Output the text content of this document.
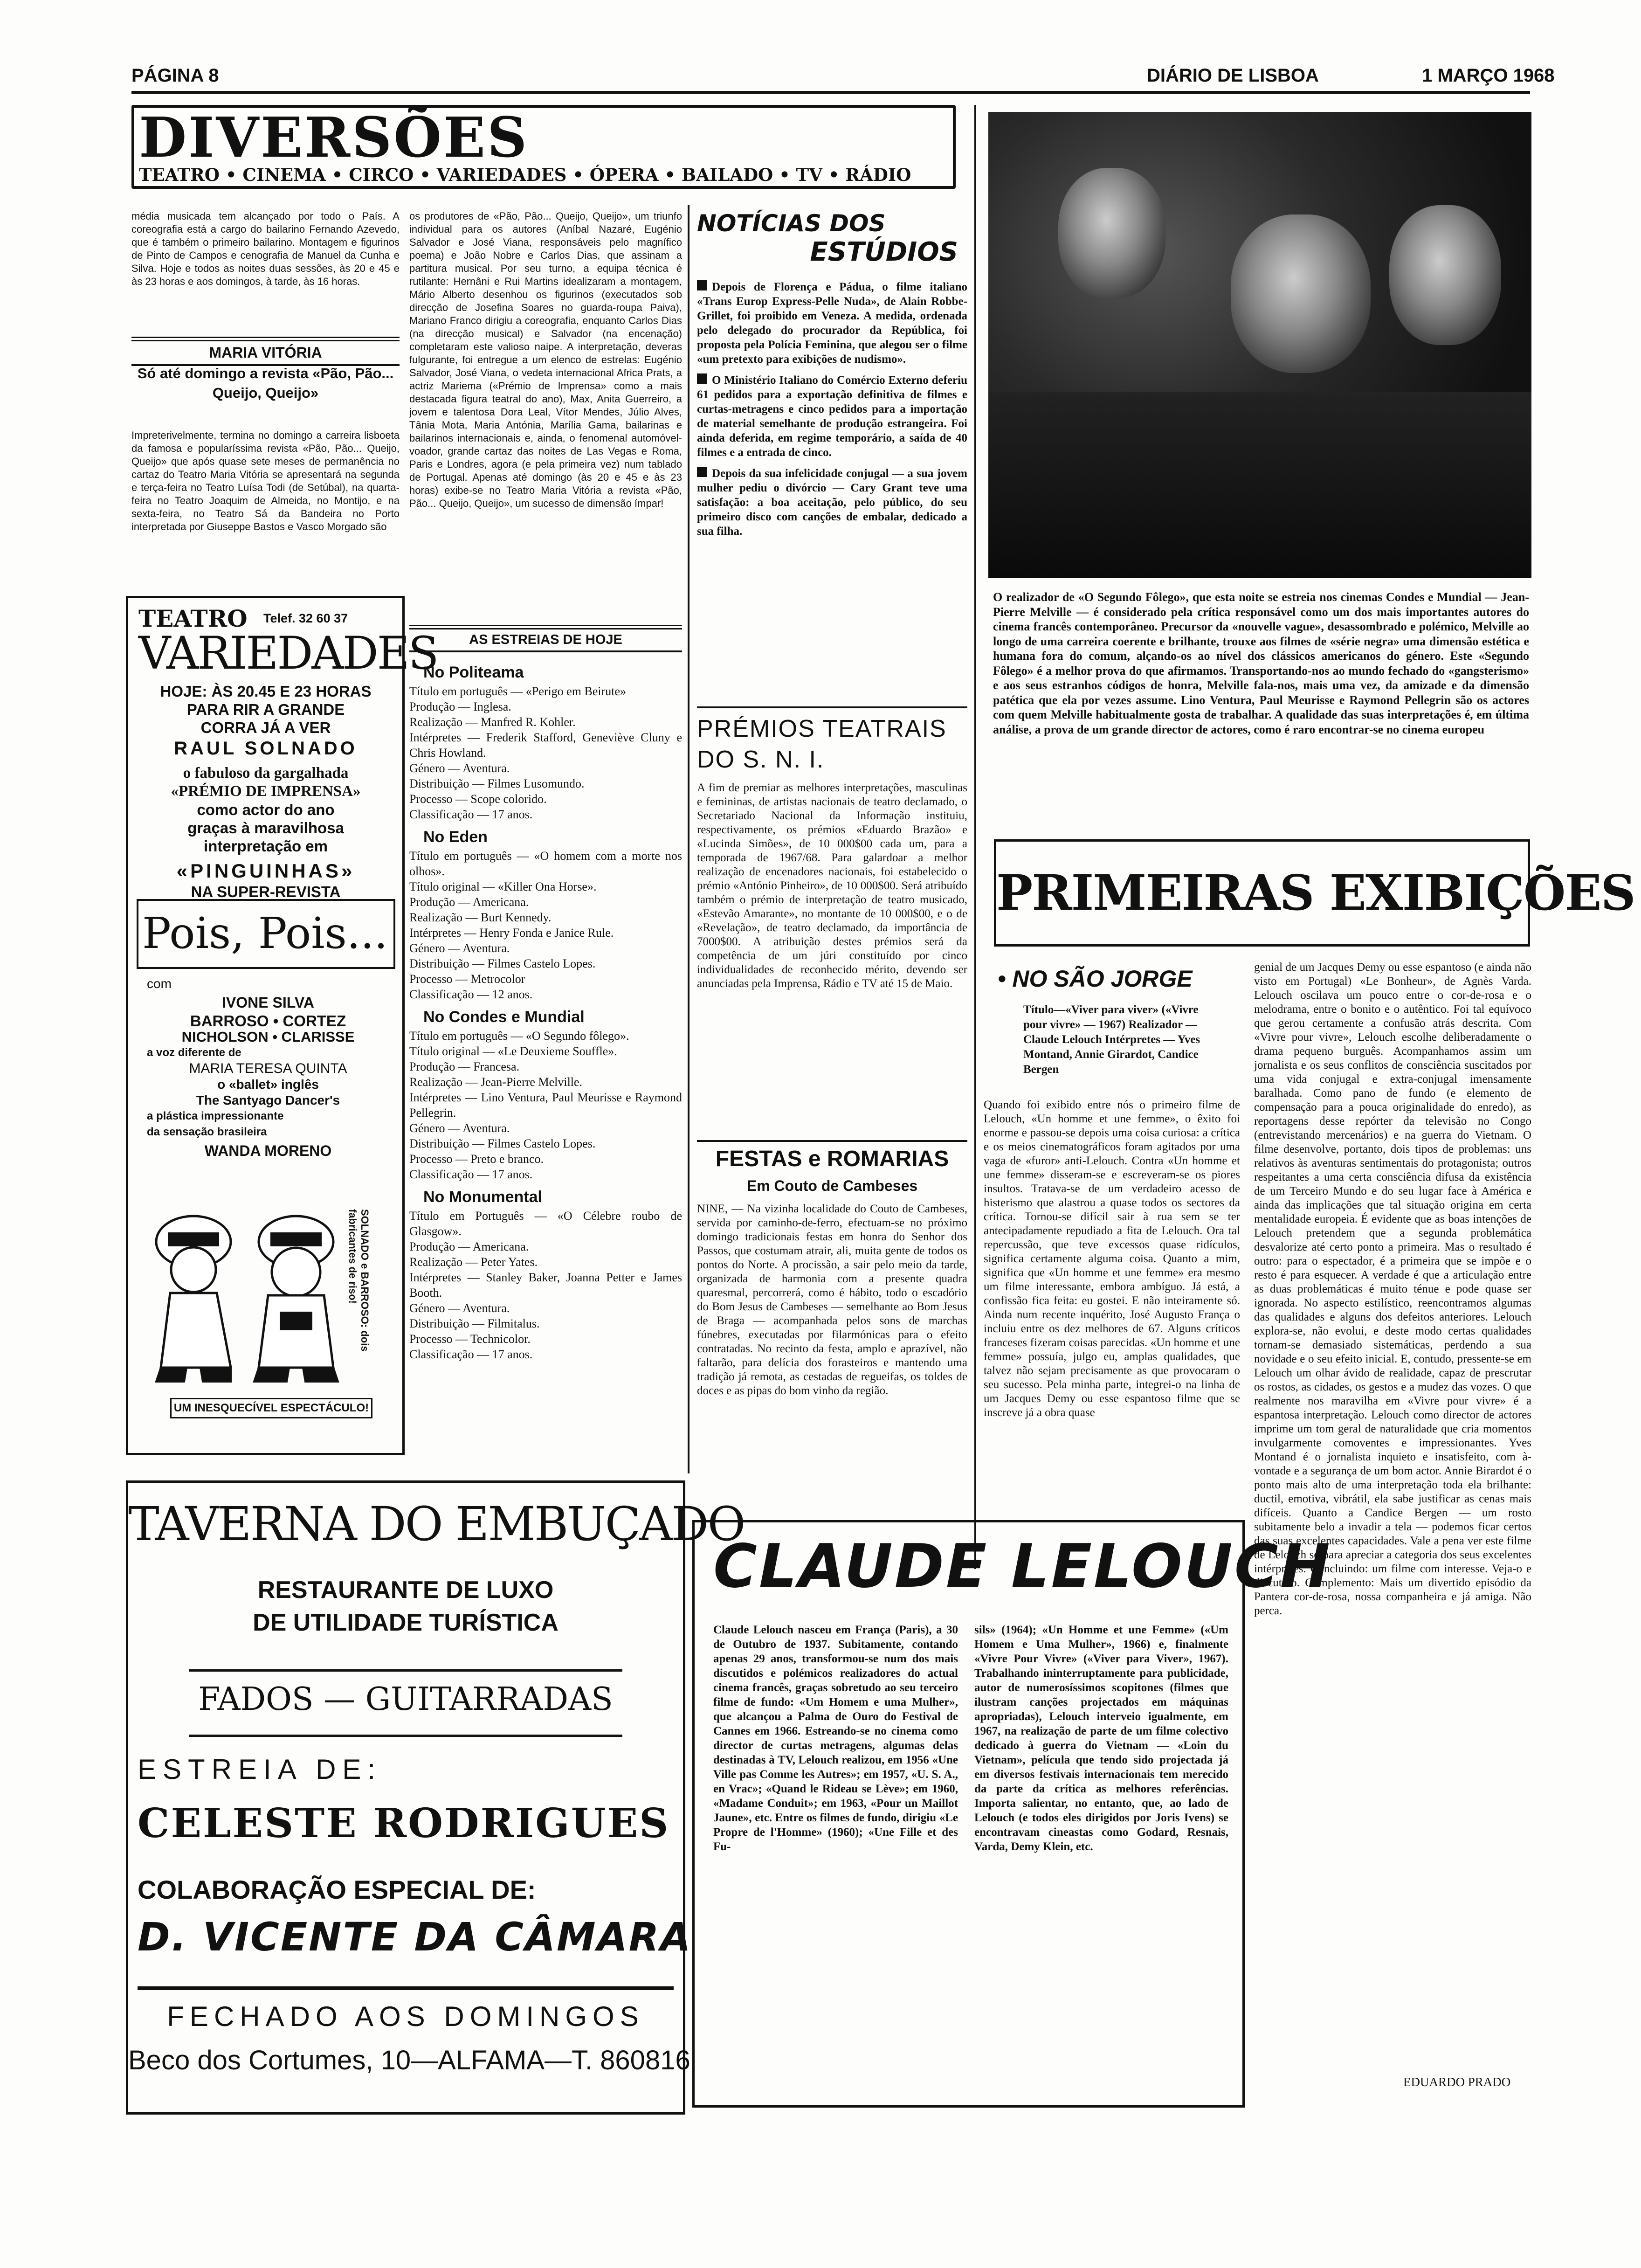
PÁGINA 8	DIÁRIO DE LISBOA	1 MARÇO 1968
DIVERSÕES
TEATRO • CINEMA • CIRCO • VARIEDADES • ÓPERA • BAILADO • TV • RÁDIO
média musicada tem alcançado por todo o País. A coreografia está a cargo do bailarino Fernando Azevedo, que é também o primeiro bailarino. Montagem e figurinos de Pinto de Campos e cenografia de Manuel da Cunha e Silva. Hoje e todos as noites duas sessões, às 20 e 45 e às 23 horas e aos domingos, à tarde, às 16 horas.
MARIA VITÓRIA
Só até domingo a revista «Pão, Pão... Queijo, Queijo»
Impreterivelmente, termina no domingo a carreira lisboeta da famosa e popularíssima revista «Pão, Pão... Queijo, Queijo» que após quase sete meses de permanência no cartaz do Teatro Maria Vitória se apresentará na segunda e terça-feira no Teatro Luísa Todi (de Setúbal), na quarta-feira no Teatro Joaquim de Almeida, no Montijo, e na sexta-feira, no Teatro Sá da Bandeira no Porto interpretada por Giuseppe Bastos e Vasco Morgado são
TEATRO Telef. 32 60 37
VARIEDADES
HOJE: ÀS 20.45 E 23 HORAS
PARA RIR A GRANDE
CORRA JÁ A VER
RAUL SOLNADO
o fabuloso da gargalhada
«PRÉMIO DE IMPRENSA»
como actor do ano
graças à maravilhosa
interpretação em
«PINGUINHAS»
NA SUPER-REVISTA
Pois, Pois...
com
IVONE SILVA
BARROSO • CORTEZ
NICHOLSON • CLARISSE
a voz diferente de
MARIA TERESA QUINTA
o «ballet» inglês
The Santyago Dancer's
a plástica impressionante
da sensação brasileira
WANDA MORENO
SOLNADO e BARROSO: dois fabricantes de riso!
UM INESQUECÍVEL ESPECTÁCULO!
os produtores de «Pão, Pão... Queijo, Queijo», um triunfo individual para os autores (Aníbal Nazaré, Eugénio Salvador e José Viana, responsáveis pelo magnífico poema) e João Nobre e Carlos Dias, que assinam a partitura musical. Por seu turno, a equipa técnica é rutilante: Hernâni e Rui Martins idealizaram a montagem, Mário Alberto desenhou os figurinos (executados sob direcção de Josefina Soares no guarda-roupa Paiva), Mariano Franco dirigiu a coreografia, enquanto Carlos Dias (na direcção musical) e Salvador (na encenação) completaram este valioso naipe. A interpretação, deveras fulgurante, foi entregue a um elenco de estrelas: Eugénio Salvador, José Viana, o vedeta internacional Africa Prats, a actriz Mariema («Prémio de Imprensa» como a mais destacada figura teatral do ano), Max, Anita Guerreiro, a jovem e talentosa Dora Leal, Vítor Mendes, Júlio Alves, Tânia Mota, Maria Antónia, Marília Gama, bailarinas e bailarinos internacionais e, ainda, o fenomenal automóvel-voador, grande cartaz das noites de Las Vegas e Roma, Paris e Londres, agora (e pela primeira vez) num tablado de Portugal. Apenas até domingo (às 20 e 45 e às 23 horas) exibe-se no Teatro Maria Vitória a revista «Pão, Pão... Queijo, Queijo», um sucesso de dimensão ímpar!
AS ESTREIAS DE HOJE
No Politeama
Título em português — «Perigo em Beirute»
Produção — Inglesa.
Realização — Manfred R. Kohler.
Intérpretes — Frederik Stafford, Geneviève Cluny e Chris Howland.
Género — Aventura.
Distribuição — Filmes Lusomundo.
Processo — Scope colorido.
Classificação — 17 anos.
No Eden
Título em português — «O homem com a morte nos olhos».
Título original — «Killer Ona Horse».
Produção — Americana.
Realização — Burt Kennedy.
Intérpretes — Henry Fonda e Janice Rule.
Género — Aventura.
Distribuição — Filmes Castelo Lopes.
Processo — Metrocolor
Classificação — 12 anos.
No Condes e Mundial
Título em português — «O Segundo fôlego».
Título original — «Le Deuxieme Souffle».
Produção — Francesa.
Realização — Jean-Pierre Melville.
Intérpretes — Lino Ventura, Paul Meurisse e Raymond Pellegrin.
Género — Aventura.
Distribuição — Filmes Castelo Lopes.
Processo — Preto e branco.
Classificação — 17 anos.
No Monumental
Título em Português — «O Célebre roubo de Glasgow».
Produção — Americana.
Realização — Peter Yates.
Intérpretes — Stanley Baker, Joanna Petter e James Booth.
Género — Aventura.
Distribuição — Filmitalus.
Processo — Technicolor.
Classificação — 17 anos.
NOTÍCIAS DOS
ESTÚDIOS
Depois de Florença e Pádua, o filme italiano «Trans Europ Express-Pelle Nuda», de Alain Robbe-Grillet, foi proibido em Veneza. A medida, ordenada pelo delegado do procurador da República, foi proposta pela Polícia Feminina, que alegou ser o filme «um pretexto para exibições de nudismo».
O Ministério Italiano do Comércio Externo deferiu 61 pedidos para a exportação definitiva de filmes e curtas-metragens e cinco pedidos para a importação de material semelhante de produção estrangeira. Foi ainda deferida, em regime temporário, a saída de 40 filmes e a entrada de cinco.
Depois da sua infelicidade conjugal — a sua jovem mulher pediu o divórcio — Cary Grant teve uma satisfação: a boa aceitação, pelo público, do seu primeiro disco com canções de embalar, dedicado a sua filha.
PRÉMIOS TEATRAIS DO S. N. I.
A fim de premiar as melhores interpretações, masculinas e femininas, de artistas nacionais de teatro declamado, o Secretariado Nacional da Informação instituiu, respectivamente, os prémios «Eduardo Brazão» e «Lucinda Simões», de 10 000$00 cada um, para a temporada de 1967/68. Para galardoar a melhor realização de encenadores nacionais, foi estabelecido o prémio «António Pinheiro», de 10 000$00. Será atribuído também o prémio de interpretação de teatro musicado, «Estevão Amarante», no montante de 10 000$00, e o de «Revelação», de teatro declamado, da importância de 7000$00. A atribuição destes prémios será da competência de um júri constituído por cinco individualidades de reconhecido mérito, devendo ser anunciadas pela Imprensa, Rádio e TV até 15 de Maio.
FESTAS e ROMARIAS
Em Couto de Cambeses
NINE, — Na vizinha localidade do Couto de Cambeses, servida por caminho-de-ferro, efectuam-se no próximo domingo tradicionais festas em honra do Senhor dos Passos, que costumam atrair, ali, muita gente de todos os pontos do Norte. A procissão, a sair pelo meio da tarde, organizada de harmonia com a presente quadra quaresmal, percorrerá, como é hábito, todo o escadório do Bom Jesus de Cambeses — semelhante ao Bom Jesus de Braga — acompanhada pelos sons de marchas fúnebres, executadas por filarmónicas para o efeito contratadas. No recinto da festa, amplo e aprazível, não faltarão, para delícia dos forasteiros e mantendo uma tradição já remota, as cestadas de regueifas, os toldes de doces e as pipas do bom vinho da região.
O realizador de «O Segundo Fôlego», que esta noite se estreia nos cinemas Condes e Mundial — Jean-Pierre Melville — é considerado pela crítica responsável como um dos mais importantes autores do cinema francês contemporâneo. Precursor da «nouvelle vague», desassombrado e polémico, Melville ao longo de uma carreira coerente e brilhante, trouxe aos filmes de «série negra» uma dimensão estética e humana fora do comum, alçando-os ao nível dos clássicos americanos do género. Este «Segundo Fôlego» é a melhor prova do que afirmamos. Transportando-nos ao mundo fechado do «gangsterismo» e aos seus estranhos códigos de honra, Melville fala-nos, mais uma vez, da amizade e da dimensão patética que ela por vezes assume. Lino Ventura, Paul Meurisse e Raymond Pellegrin são os actores com quem Melville habitualmente gosta de trabalhar. A qualidade das suas interpretações é, em última análise, a prova de um grande director de actores, como é raro encontrar-se no cinema europeu
PRIMEIRAS EXIBIÇÕES
• NO SÃO JORGE
Título—«Viver para viver» («Vivre pour vivre» — 1967) Realizador — Claude Lelouch Intérpretes — Yves Montand, Annie Girardot, Candice Bergen
Quando foi exibido entre nós o primeiro filme de Lelouch, «Un homme et une femme», o êxito foi enorme e passou-se depois uma coisa curiosa: a crítica e os meios cinematográficos foram agitados por uma vaga de «furor» anti-Lelouch. Contra «Un homme et une femme» disseram-se e escreveram-se os piores insultos. Tratava-se de um verdadeiro acesso de histerismo que alastrou a quase todos os sectores da crítica. Tornou-se difícil sair à rua sem se ter antecipadamente repudiado a fita de Lelouch. Ora tal repercussão, que teve excessos quase ridículos, significa certamente alguma coisa. Quanto a mim, significa que «Un homme et une femme» era mesmo um filme interessante, embora ambíguo. Já está, a confissão fica feita: eu gostei. E não inteiramente só. Ainda num recente inquérito, José Augusto França o incluiu entre os dez melhores de 67. Alguns críticos franceses fizeram coisas parecidas. «Un homme et une femme» possuía, julgo eu, amplas qualidades, que talvez não sejam precisamente as que provocaram o seu sucesso. Pela minha parte, integrei-o na linha de um Jacques Demy ou esse espantoso filme que se inscreve já a obra quase
genial de um Jacques Demy ou esse espantoso (e ainda não visto em Portugal) «Le Bonheur», de Agnès Varda. Lelouch oscilava um pouco entre o cor-de-rosa e o melodrama, entre o bonito e o autêntico. Foi tal equívoco que gerou certamente a confusão atrás descrita. Com «Vivre pour vivre», Lelouch escolhe deliberadamente o drama pequeno burguês. Acompanhamos assim um jornalista e os seus conflitos de consciência suscitados por uma vida conjugal e extra-conjugal imensamente baralhada. Como pano de fundo (e elemento de compensação para a pouca originalidade do enredo), as reportagens desse repórter da televisão no Congo (entrevistando mercenários) e na guerra do Vietnam. O filme desenvolve, portanto, dois tipos de problemas: uns relativos às aventuras sentimentais do protagonista; outros respeitantes a uma certa consciência difusa da existência de um Terceiro Mundo e do seu lugar face à América e ainda das implicações que tal situação origina em certa mentalidade europeia. É evidente que as boas intenções de Lelouch pretendem que a segunda problemática desvalorize até certo ponto a primeira. Mas o resultado é outro: para o espectador, é a primeira que se impõe e o resto é para esquecer. A verdade é que a articulação entre as duas problemáticas é muito ténue e pode quase ser ignorada. No aspecto estilístico, reencontramos algumas das qualidades e alguns dos defeitos anteriores. Lelouch explora-se, não evolui, e deste modo certas qualidades tornam-se demasiado sistemáticas, perdendo a sua novidade e o seu efeito inicial. E, contudo, pressente-se em Lelouch um olhar ávido de realidade, capaz de prescrutar os rostos, as cidades, os gestos e a mudez das vozes. O que realmente nos maravilha em «Vivre pour vivre» é a espantosa interpretação. Lelouch como director de actores imprime um tom geral de naturalidade que cria momentos invulgarmente comoventes e impressionantes. Yves Montand é o jornalista inquieto e insatisfeito, com à-vontade e a segurança de um bom actor. Annie Birardot é o ponto mais alto de uma interpretação toda ela brilhante: ductil, emotiva, vibrátil, ela sabe justificar as cenas mais difíceis. Quanto a Candice Bergen — um rosto subitamente belo a invadir a tela — podemos ficar certos das suas excelentes capacidades. Vale a pena ver este filme de Lelouch só para apreciar a categoria dos seus excelentes intérpretes. Concluindo: um filme com interesse. Veja-o e discuta-o. Complemento: Mais um divertido episódio da Pantera cor-de-rosa, nossa companheira e já amiga. Não perca.
EDUARDO PRADO
CLAUDE LELOUCH
Claude Lelouch nasceu em França (Paris), a 30 de Outubro de 1937. Subitamente, contando apenas 29 anos, transformou-se num dos mais discutidos e polémicos realizadores do actual cinema francês, graças sobretudo ao seu terceiro filme de fundo: «Um Homem e uma Mulher», que alcançou a Palma de Ouro do Festival de Cannes em 1966. Estreando-se no cinema como director de curtas metragens, algumas delas destinadas à TV, Lelouch realizou, em 1956 «Une Ville pas Comme les Autres»; em 1957, «U. S. A., en Vrac»; «Quand le Rideau se Lève»; em 1960, «Madame Conduit»; em 1963, «Pour un Maillot Jaune», etc. Entre os filmes de fundo, dirigiu «Le Propre de l'Homme» (1960); «Une Fille et des Fu-
sils» (1964); «Un Homme et une Femme» («Um Homem e Uma Mulher», 1966) e, finalmente «Vivre Pour Vivre» («Viver para Viver», 1967). Trabalhando ininterruptamente para publicidade, autor de numerosíssimos scopitones (filmes que ilustram canções projectados em máquinas apropriadas), Lelouch interveio igualmente, em 1967, na realização de parte de um filme colectivo dedicado à guerra do Vietnam — «Loin du Vietnam», película que tendo sido projectada já em diversos festivais internacionais tem merecido da parte da crítica as melhores referências. Importa salientar, no entanto, que, ao lado de Lelouch (e todos eles dirigidos por Joris Ivens) se encontravam cineastas como Godard, Resnais, Varda, Demy Klein, etc.
TAVERNA DO EMBUÇADO
RESTAURANTE DE LUXO
DE UTILIDADE TURÍSTICA
FADOS — GUITARRADAS
ESTREIA DE:
CELESTE RODRIGUES
COLABORAÇÃO ESPECIAL DE:
D. VICENTE DA CÂMARA
FECHADO AOS DOMINGOS
Beco dos Cortumes, 10—ALFAMA—T. 860816
